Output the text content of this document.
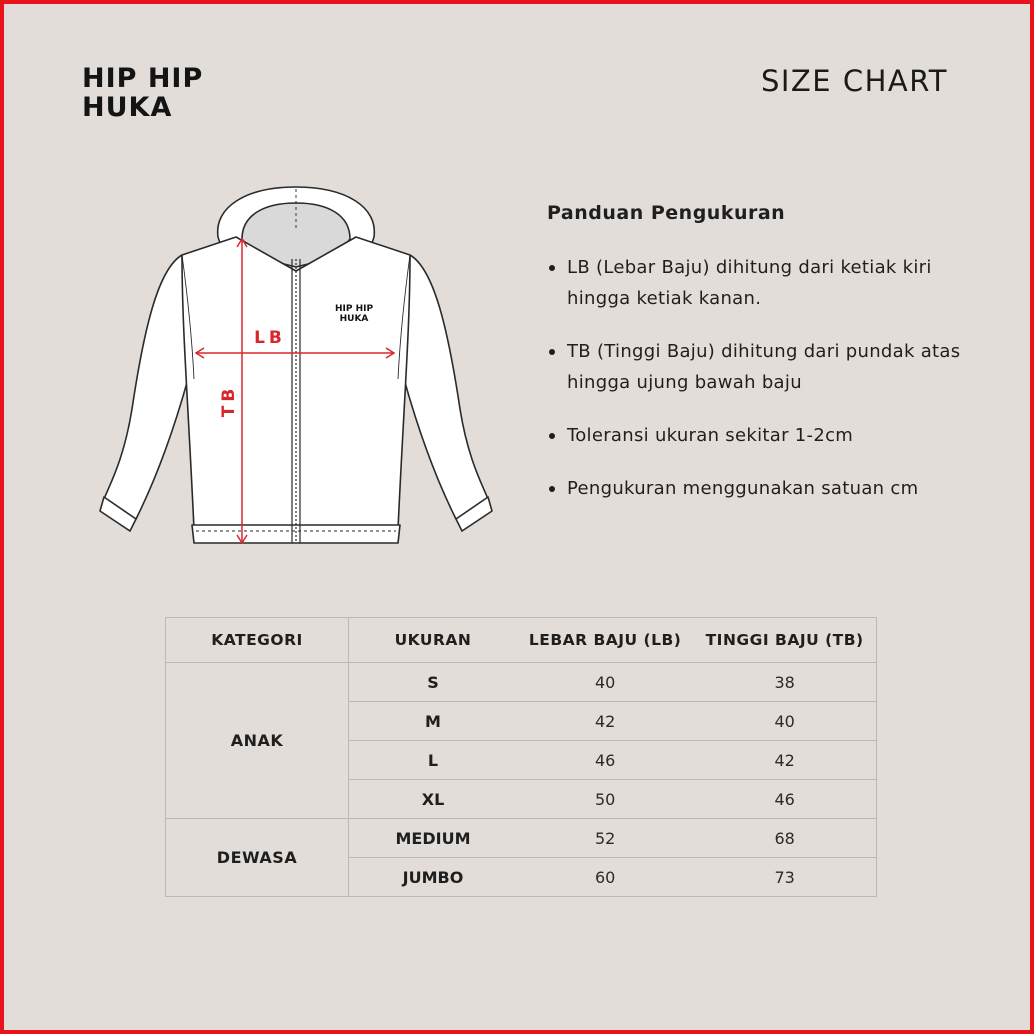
HIP HIP
HUKA
SIZE CHART
HIP HIP
HUKA
LB
TB
Panduan Pengukuran
LB (Lebar Baju) dihitung dari ketiak kiri hingga ketiak kanan.
TB (Tinggi Baju) dihitung dari pundak atas hingga ujung bawah baju
Toleransi ukuran sekitar 1-2cm
Pengukuran menggunakan satuan cm
KATEGORI	UKURAN	LEBAR BAJU (LB)	TINGGI BAJU (TB)
ANAK	S	40	38
	M	42	40
	L	46	42
	XL	50	46
DEWASA	MEDIUM	52	68
	JUMBO	60	73
